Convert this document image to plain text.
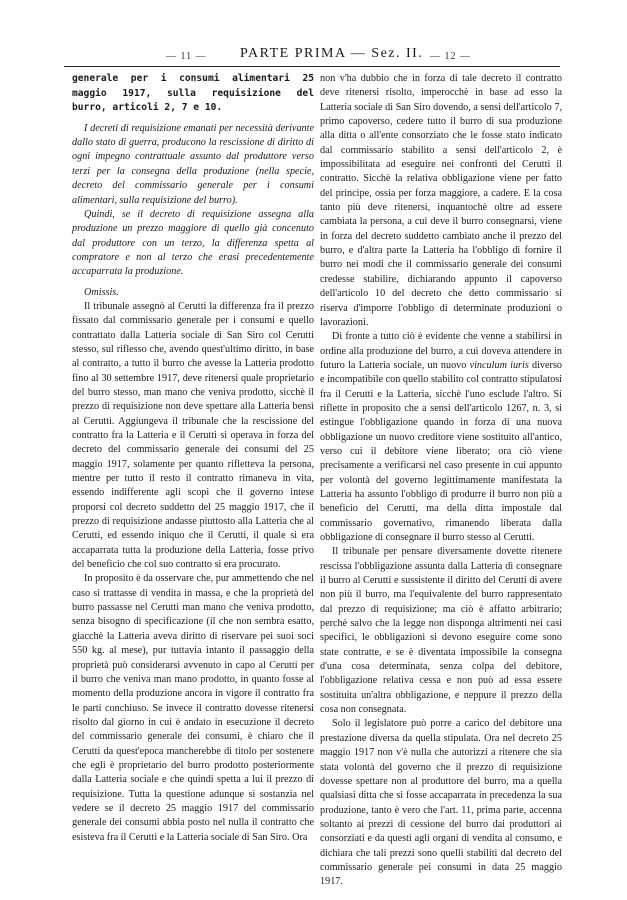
— 11 — PARTE PRIMA — Sez. II. — 12 —

generale per i consumi alimentari 25 maggio 1917, sulla requisizione del burro, articoli 2, 7 e 10.

I decreti di requisizione emanati per necessità derivante dallo stato di guerra, producono la rescissione di diritto di ogni impegno contrattuale assunto dal produttore verso terzi per la consegna della produzione (nella specie, decreto del commissario generale per i consumi alimentari, sulla requisizione del burro).

Quindi, se il decreto di requisizione assegna alla produzione un prezzo maggiore di quello già concenuto dal produttore con un terzo, la differenza spetta al compratore e non al terzo che erasi precedentemente accaparrata la produzione.

Omissis.

Il tribunale assegnò al Cerutti la differenza fra il prezzo fissato dal commissario generale per i consumi e quello contrattato dalla Latteria sociale di San Siro col Cerutti stesso, sul riflesso che, avendo quest'ultimo diritto, in base al contratto, a tutto il burro che avesse la Latteria prodotto fino al 30 settembre 1917, deve ritenersi quale proprietario del burro stesso, man mano che veniva prodotto, sicchè il prezzo di requisizione non deve spettare alla Latteria bensì al Cerutti. Aggiungeva il tribunale che la rescissione del contratto fra la Latteria e il Cerutti si operava in forza del decreto del commissario generale dei consumi del 25 maggio 1917, solamente per quanto rifletteva la persona, mentre per tutto il resto il contratto rimaneva in vita, essendo indifferente agli scopi che il governo intese proporsi col decreto suddetto del 25 maggio 1917, che il prezzo di requisizione andasse piuttosto alla Latteria che al Cerutti, ed essendo iniquo che il Cerutti, il quale si era accaparrata tutta la produzione della Latteria, fosse privo del beneficio che col suo contratto si era procurato.

In proposito è da osservare che, pur ammettendo che nel caso si trattasse di vendita in massa, e che la proprietà del burro passasse nel Cerutti man mano che veniva prodotto, senza bisogno di specificazione (il che non sembra esatto, giacchè la Latteria aveva diritto di riservare pei suoi soci 550 kg. al mese), pur tuttavia intanto il passaggio della proprietà può considerarsi avvenuto in capo al Cerutti per il burro che veniva man mano prodotto, in quanto fosse al momento della produzione ancora in vigore il contratto fra le parti conchiuso. Se invece il contratto dovesse ritenersi risolto dal giorno in cui è andato in esecuzione il decreto del commissario generale dei consumi, è chiaro che il Cerutti da quest'epoca mancherebbe di titolo per sostenere che egli è proprietario del burro prodotto posteriormente dalla Latteria sociale e che quindi spetta a lui il prezzo di requisizione. Tutta la questione adunque si sostanzia nel vedere se il decreto 25 maggio 1917 del commissario generale dei consumi abbia posto nel nulla il contratto che esisteva fra il Cerutti e la Latteria sociale di San Siro. Ora

non v'ha dubbio che in forza di tale decreto il contratto deve ritenersi risolto, imperocchè in base ad esso la Latteria sociale di San Siro dovendo, a sensi dell'articolo 7, primo capoverso, cedere tutto il burro di sua produzione alla ditta o all'ente consorziato che le fosse stato indicato dal commissario stabilito a sensi dell'articolo 2, è impossibilitata ad eseguire nei confronti del Cerutti il contratto. Sicchè la relativa obbligazione viene per fatto del principe, ossia per forza maggiore, a cadere. E la cosa tanto più deve ritenersi, inquantochè oltre ad essere cambiata la persona, a cui deve il burro consegnarsi, viene in forza del decreto suddetto cambiato anche il prezzo del burro, e d'altra parte la Latteria ha l'obbligo di fornire il burro nei modi che il commissario generale dei consumi credesse stabilire, dichiarando appunto il capoverso dell'articolo 10 del decreto che detto commissario si riserva d'imporre l'obbligo di determinate produzioni o lavorazioni.

Di fronte a tutto ciò è evidente che venne a stabilirsi in ordine alla produzione del burro, a cui doveva attendere in futuro la Latteria sociale, un nuovo vinculum iuris diverso e incompatibile con quello stabilito col contratto stipulatosi fra il Cerutti e la Latteria, sicchè l'uno esclude l'altro. Si riflette in proposito che a sensi dell'articolo 1267, n. 3, si estingue l'obbligazione quando in forza di una nuova obbligazione un nuovo creditore viene sostituito all'antico, verso cui il debitore viene liberato; ora ciò viene precisamente a verificarsi nel caso presente in cui appunto per volontà del governo legittimamente manifestata la Latteria ha assunto l'obbligo di produrre il burro non più a beneficio del Cerutti, ma della ditta impostale dal commissario governativo, rimanendo liberata dalla obbligazione di consegnare il burro stesso al Cerutti.

Il tribunale per pensare diversamente dovette ritenere rescissa l'obbligazione assunta dalla Latteria di consegnare il burro al Cerutti e sussistente il diritto del Cerutti di avere non più il burro, ma l'equivalente del burro rappresentato dal prezzo di requisizione; ma ciò è affatto arbitrario; perchè salvo che la legge non disponga altrimenti nei casi specifici, le obbligazioni si devono eseguire come sono state contratte, e se è diventata impossibile la consegna d'una cosa determinata, senza colpa del debitore, l'obbligazione relativa cessa e non può ad essa essere sostituita un'altra obbligazione, e neppure il prezzo della cosa non consegnata.

Solo il legislatore può porre a carico del debitore una prestazione diversa da quella stipulata. Ora nel decreto 25 maggio 1917 non v'è nulla che autorizzi a ritenere che sia stata volontà del governo che il prezzo di requisizione dovesse spettare non al produttore del burro, ma a quella qualsiasi ditta che si fosse accaparrata in precedenza la sua produzione, tanto è vero che l'art. 11, prima parte, accenna soltanto ai prezzi di cessione del burro dai produttori ai consorziati e da questi agli organi di vendita al consumo, e dichiara che tali prezzi sono quelli stabiliti dal decreto del commissario generale pei consumi in data 25 maggio 1917.
